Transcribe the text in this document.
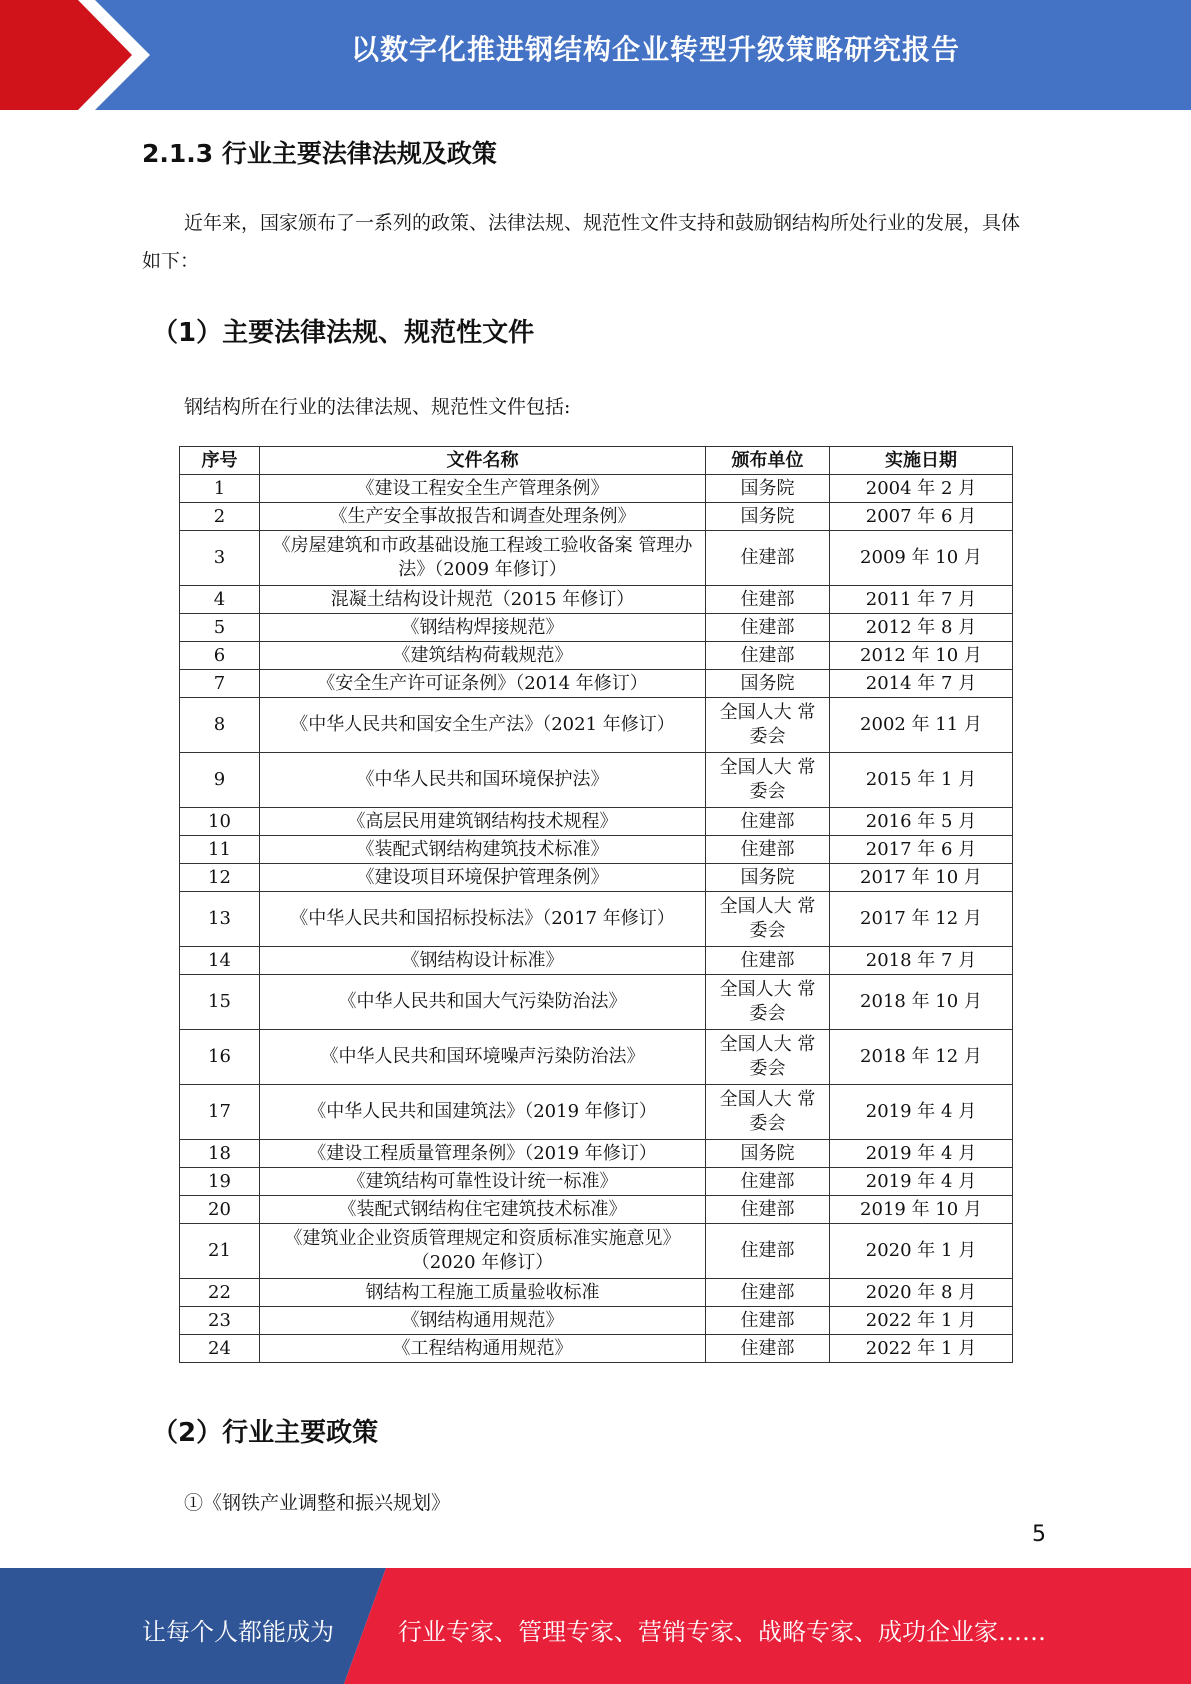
以数字化推进钢结构企业转型升级策略研究报告
2.1.3 行业主要法律法规及政策
近年来，国家颁布了一系列的政策、法律法规、规范性文件支持和鼓励钢结构所处行业的发展，具体如下：
（1）主要法律法规、规范性文件
钢结构所在行业的法律法规、规范性文件包括:
序号	文件名称	颁布单位	实施日期
1	《建设工程安全生产管理条例》	国务院	2004 年 2 月
2	《生产安全事故报告和调查处理条例》	国务院	2007 年 6 月
3	《房屋建筑和市政基础设施工程竣工验收备案 管理办法》（2009 年修订）	住建部	2009 年 10 月
4	混凝土结构设计规范（2015 年修订）	住建部	2011 年 7 月
5	《钢结构焊接规范》	住建部	2012 年 8 月
6	《建筑结构荷载规范》	住建部	2012 年 10 月
7	《安全生产许可证条例》（2014 年修订）	国务院	2014 年 7 月
8	《中华人民共和国安全生产法》（2021 年修订）	全国人大 常委会	2002 年 11 月
9	《中华人民共和国环境保护法》	全国人大 常委会	2015 年 1 月
10	《高层民用建筑钢结构技术规程》	住建部	2016 年 5 月
11	《装配式钢结构建筑技术标准》	住建部	2017 年 6 月
12	《建设项目环境保护管理条例》	国务院	2017 年 10 月
13	《中华人民共和国招标投标法》（2017 年修订）	全国人大 常委会	2017 年 12 月
14	《钢结构设计标准》	住建部	2018 年 7 月
15	《中华人民共和国大气污染防治法》	全国人大 常委会	2018 年 10 月
16	《中华人民共和国环境噪声污染防治法》	全国人大 常委会	2018 年 12 月
17	《中华人民共和国建筑法》（2019 年修订）	全国人大 常委会	2019 年 4 月
18	《建设工程质量管理条例》（2019 年修订）	国务院	2019 年 4 月
19	《建筑结构可靠性设计统一标准》	住建部	2019 年 4 月
20	《装配式钢结构住宅建筑技术标准》	住建部	2019 年 10 月
21	《建筑业企业资质管理规定和资质标准实施意见》（2020 年修订）	住建部	2020 年 1 月
22	钢结构工程施工质量验收标准	住建部	2020 年 8 月
23	《钢结构通用规范》	住建部	2022 年 1 月
24	《工程结构通用规范》	住建部	2022 年 1 月
（2）行业主要政策
①《钢铁产业调整和振兴规划》
5
让每个人都能成为	行业专家、管理专家、营销专家、战略专家、成功企业家……
